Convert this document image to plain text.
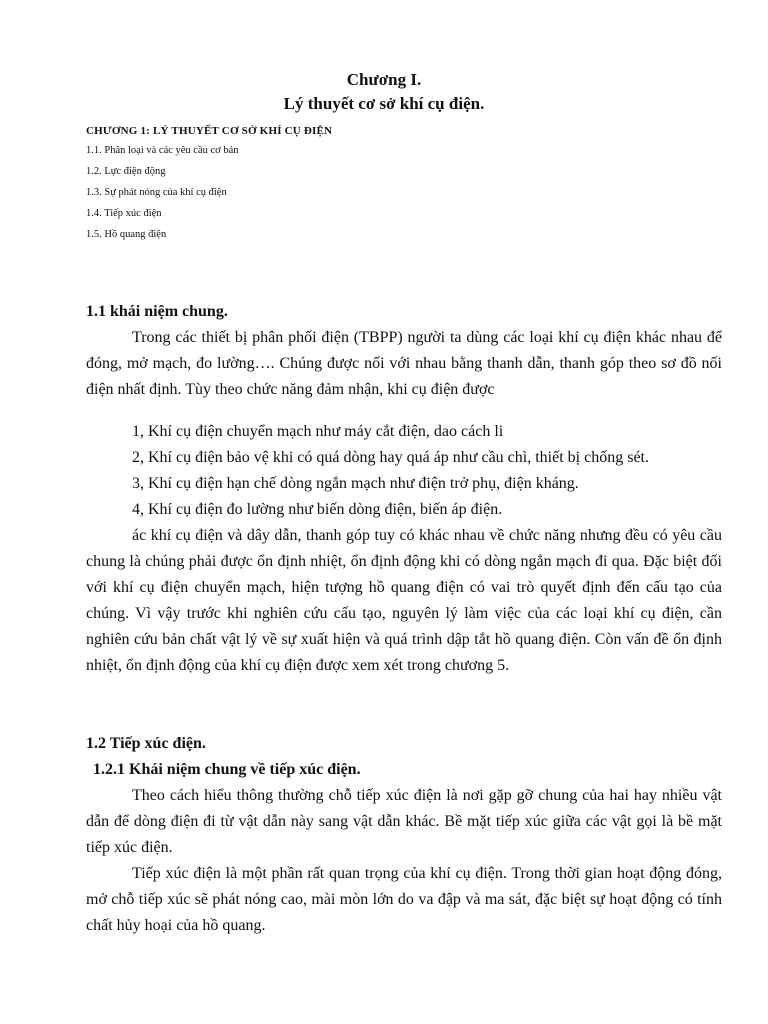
Chương I.
Lý thuyết cơ sở khí cụ điện.
CHƯƠNG 1: LÝ THUYẾT CƠ SỞ KHÍ CỤ ĐIỆN
1.1. Phân loại và các yêu cầu cơ bản
1.2. Lực điện động
1.3. Sự phát nóng của khí cụ điện
1.4. Tiếp xúc điện
1.5. Hồ quang điện
1.1 khái niệm chung.
Trong các thiết bị phân phối điện (TBPP) người ta dùng các loại khí cụ điện khác nhau để đóng, mở mạch, đo lường…. Chúng được nối với nhau bằng thanh dẫn, thanh góp theo sơ đồ nối điện nhất định. Tùy theo chức năng đảm nhận, khi cụ điện được
1, Khí cụ điện chuyển mạch như máy cắt điện, dao cách li
2, Khí cụ điện bảo vệ khi có quá dòng hay quá áp như cầu chì, thiết bị chống sét.
3, Khí cụ điện hạn chế dòng ngắn mạch như điện trở phụ, điện kháng.
4, Khí cụ điện đo lường như biến dòng điện, biến áp điện.
ác khí cụ điện và dây dẫn, thanh góp tuy có khác nhau về chức năng nhưng đều có yêu cầu chung là chúng phải được ổn định nhiệt, ổn định động khi có dòng ngắn mạch đi qua. Đặc biệt đối với khí cụ điện chuyển mạch, hiện tượng hồ quang điện có vai trò quyết định đến cấu tạo của chúng. Vì vậy trước khi nghiên cứu cấu tạo, nguyên lý làm việc của các loại khí cụ điện, cần nghiên cứu bản chất vật lý về sự xuất hiện và quá trình dập tắt hồ quang điện. Còn vấn đề ổn định nhiệt, ổn định động của khí cụ điện được xem xét trong chương 5.
1.2 Tiếp xúc điện.
1.2.1 Khái niệm chung về tiếp xúc điện.
Theo cách hiểu thông thường chỗ tiếp xúc điện là nơi gặp gỡ chung của hai hay nhiều vật dẫn để dòng điện đi từ vật dẫn này sang vật dẫn khác. Bề mặt tiếp xúc giữa các vật gọi là bề mặt tiếp xúc điện.
Tiếp xúc điện là một phần rất quan trọng của khí cụ điện. Trong thời gian hoạt động đóng, mở chỗ tiếp xúc sẽ phát nóng cao, mài mòn lớn do va đập và ma sát, đặc biệt sự hoạt động có tính chất hủy hoại của hồ quang.
